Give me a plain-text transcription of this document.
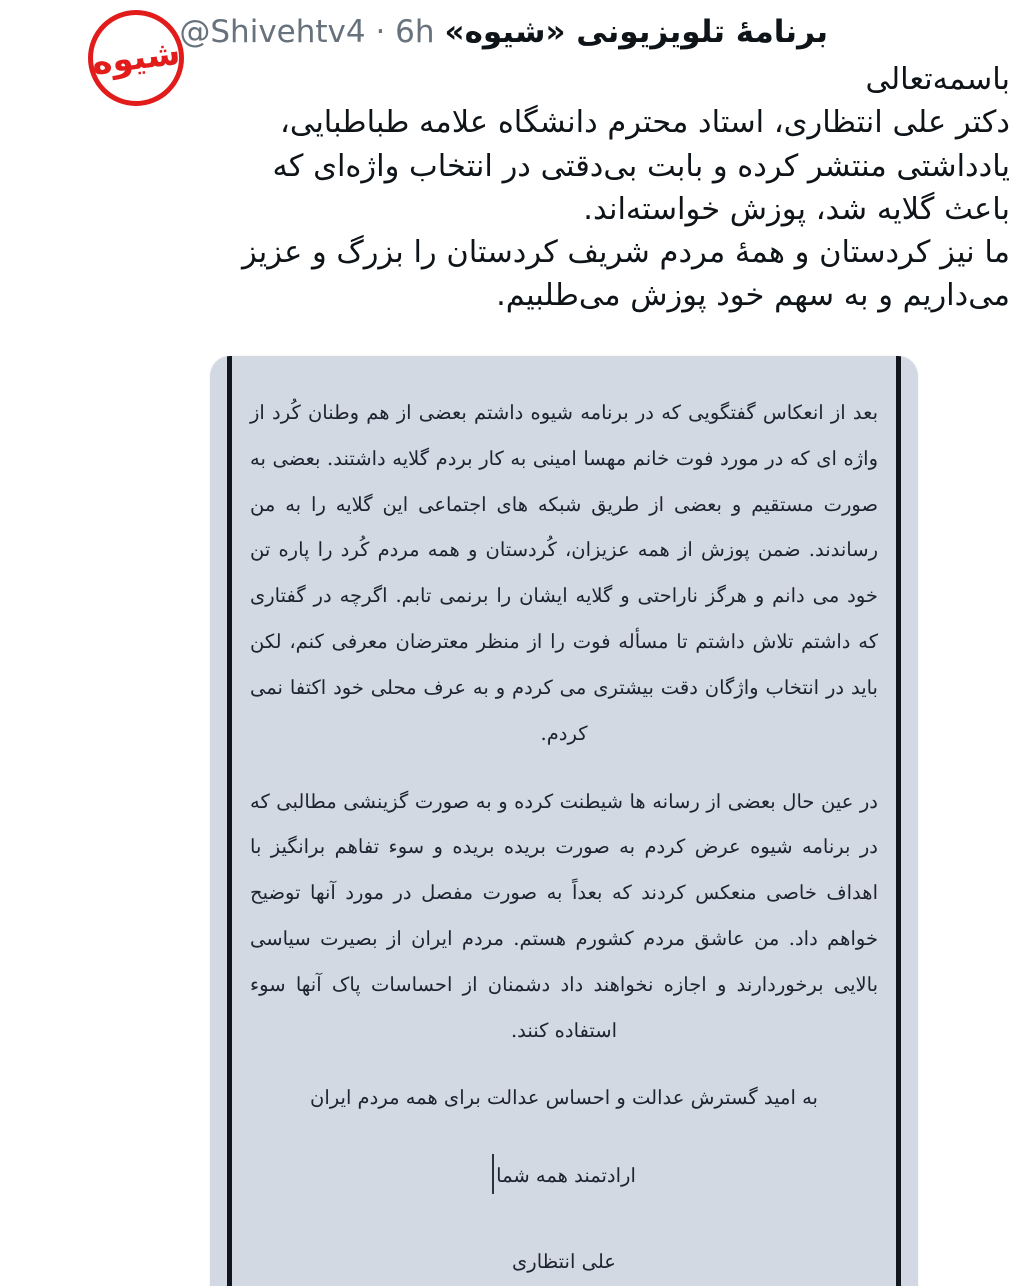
شیوه
برنامهٔ تلویزیونی «شیوه»@Shivehtv4 · 6h

باسمه‌تعالی

دکتر علی انتظاری، استاد محترم دانشگاه علامه طباطبایی، یادداشتی منتشر کرده و بابت بی‌دقتی در انتخاب واژه‌ای که باعث گلایه شد، پوزش خواسته‌اند.

ما نیز کردستان و همهٔ مردم شریف کردستان را بزرگ و عزیز می‌داریم و به سهم خود پوزش می‌طلبیم.

بعد از انعکاس گفتگویی که در برنامه شیوه داشتم بعضی از هم وطنان کُرد از واژه ای که در مورد فوت خانم مهسا امینی به کار بردم گلایه داشتند. بعضی به صورت مستقیم و بعضی از طریق شبکه های اجتماعی این گلایه را به من رساندند. ضمن پوزش از همه عزیزان، کُردستان و همه مردم کُرد را پاره تن خود می دانم و هرگز ناراحتی و گلایه ایشان را برنمی تابم. اگرچه در گفتاری که داشتم تلاش داشتم تا مسأله فوت را از منظر معترضان معرفی کنم، لکن باید در انتخاب واژگان دقت بیشتری می کردم و به عرف محلی خود اکتفا نمی کردم.

در عین حال بعضی از رسانه ها شیطنت کرده و به صورت گزینشی مطالبی که در برنامه شیوه عرض کردم به صورت بریده بریده و سوء تفاهم برانگیز با اهداف خاصی منعکس کردند که بعداً به صورت مفصل در مورد آنها توضیح خواهم داد. من عاشق مردم کشورم هستم. مردم ایران از بصیرت سیاسی بالایی برخوردارند و اجازه نخواهند داد دشمنان از احساسات پاک آنها سوء استفاده کنند.

به امید گسترش عدالت و احساس عدالت برای همه مردم ایران

ارادتمند همه شما

علی انتظاری
